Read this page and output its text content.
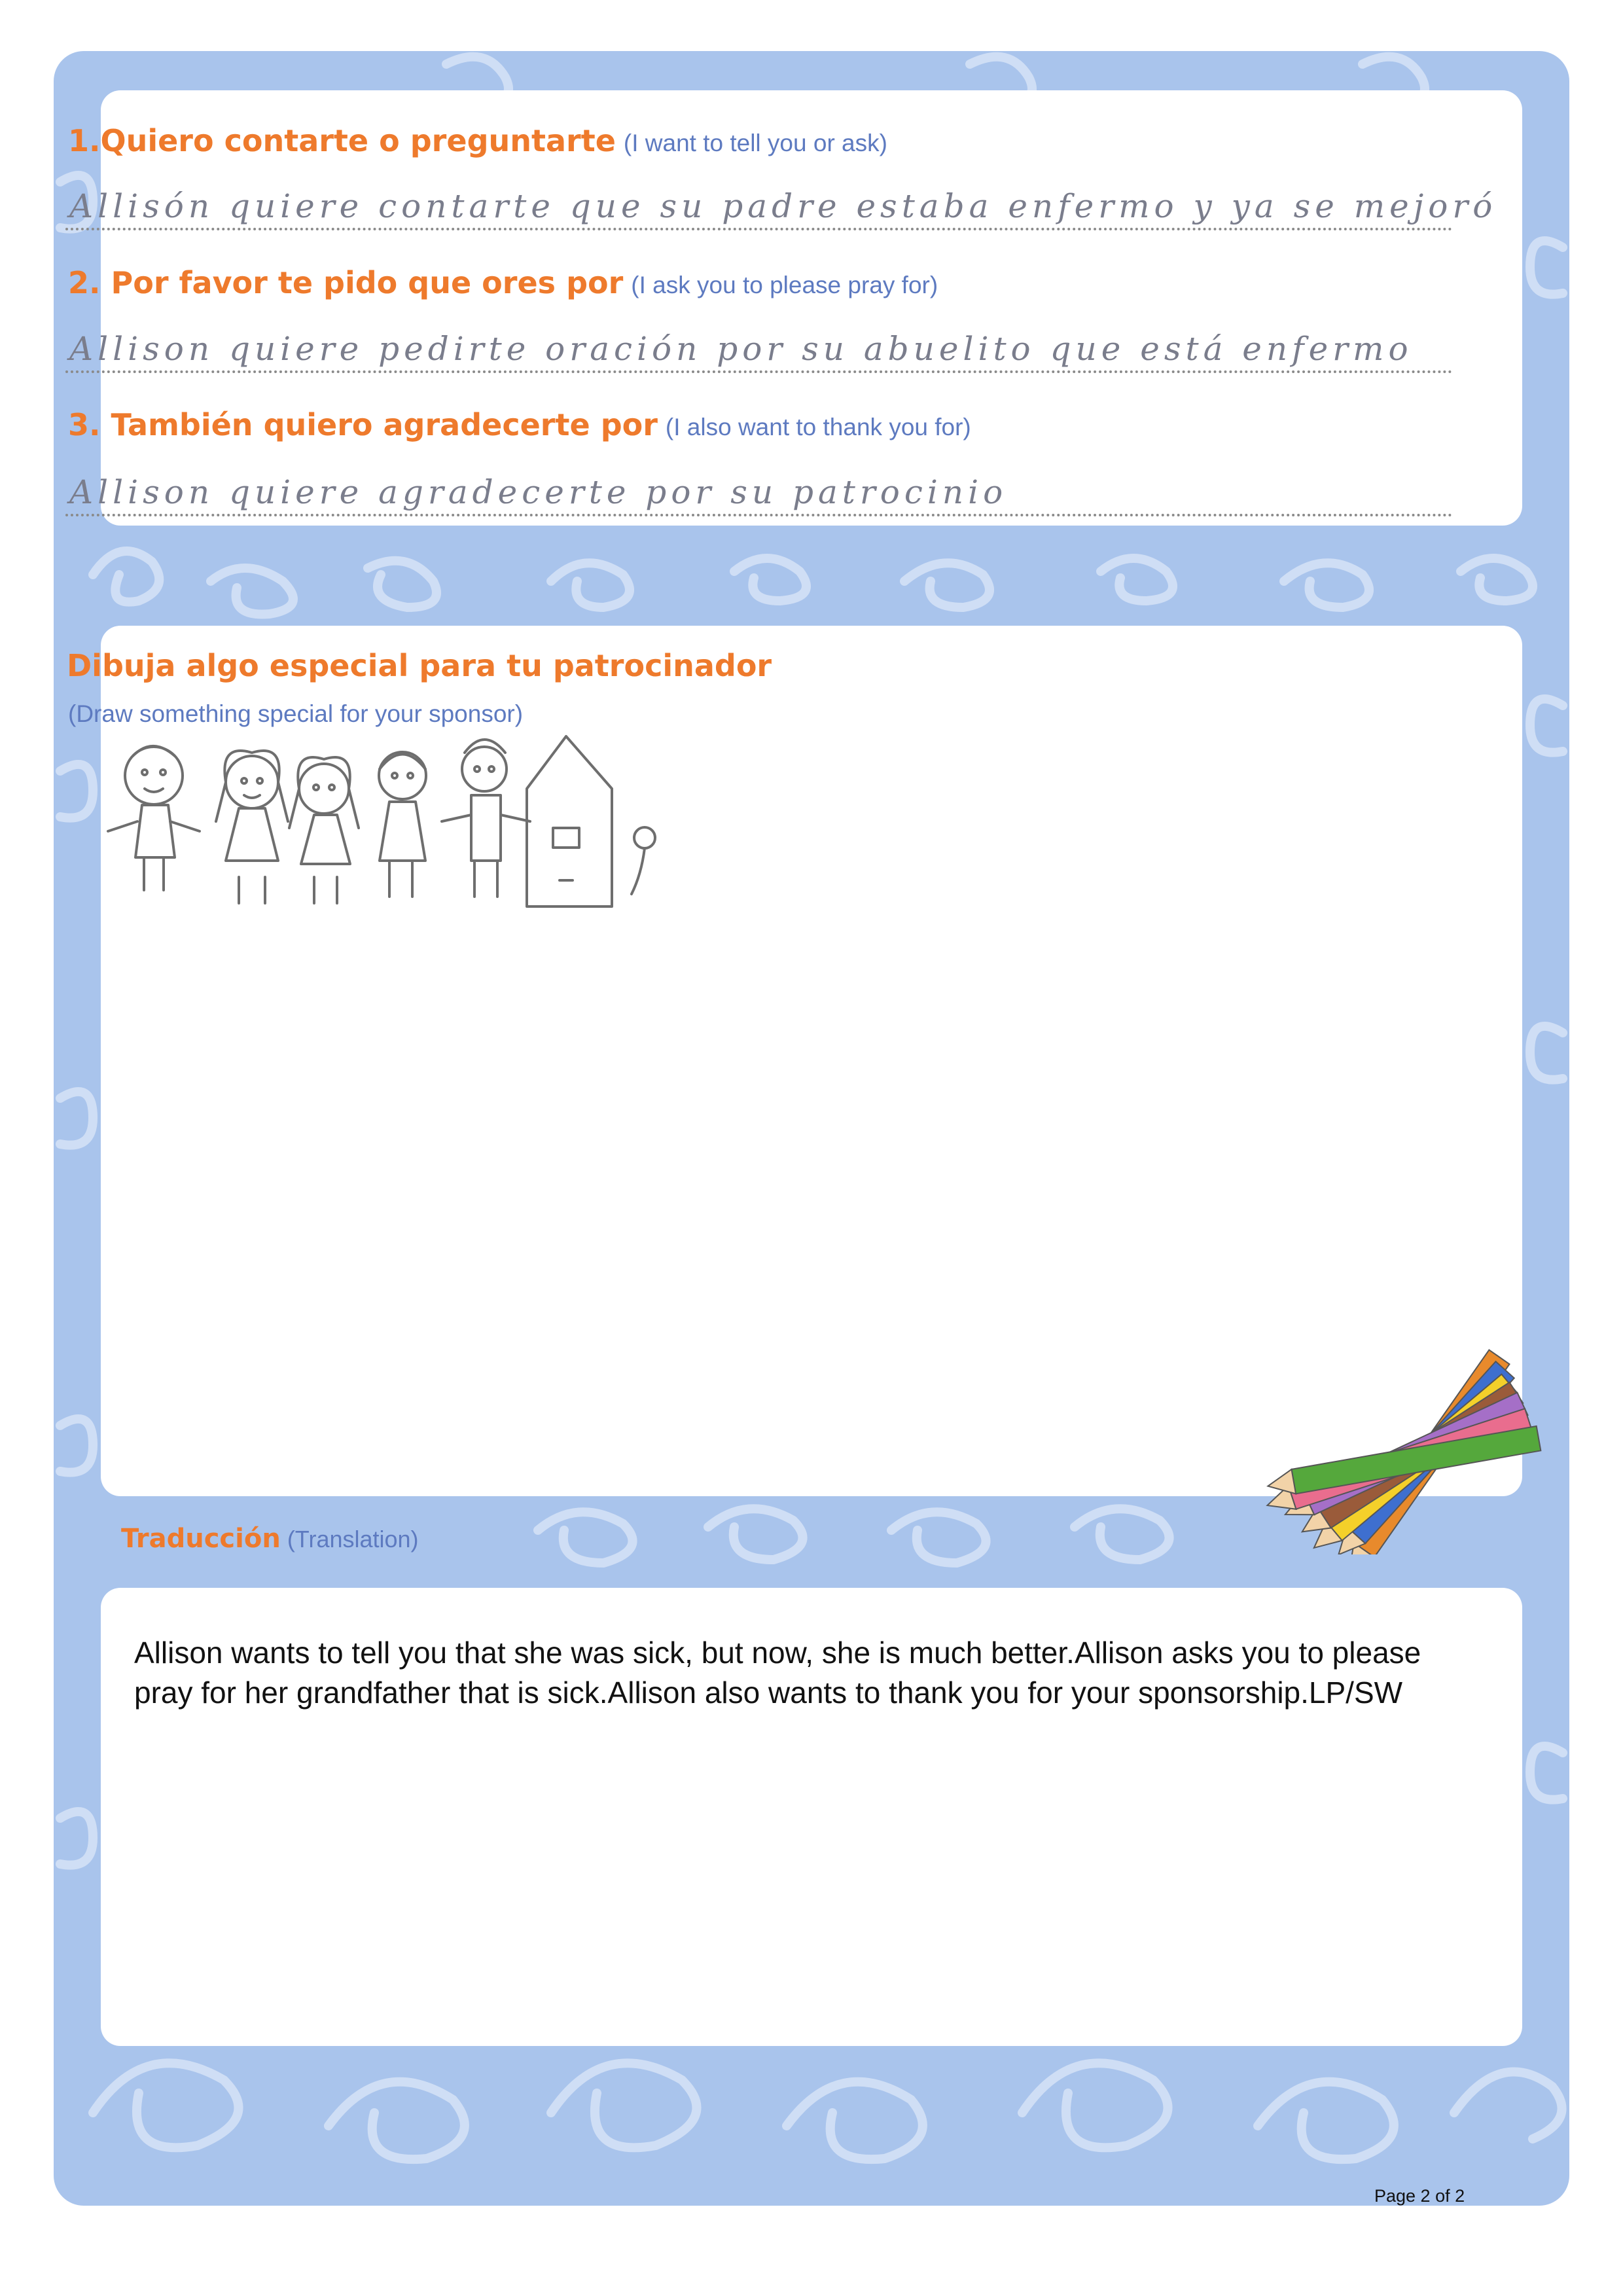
1.Quiero contarte o preguntarte (I want to tell you or ask)
Allisón quiere contarte que su padre estaba enfermo y ya se mejoró
2. Por favor te pido que ores por (I ask you to please pray for)
Allison quiere pedirte oración por su abuelito que está enfermo
3. También quiero agradecerte por (I also want to thank you for)
Allison quiere agradecerte por su patrocinio
Dibuja algo especial para tu patrocinador
(Draw something special for your sponsor)
Traducción (Translation)
Allison wants to tell you that she was sick, but now, she is much better.Allison asks you to please pray for her grandfather that is sick.Allison also wants to thank you for your sponsorship.LP/SW
Page 2 of 2
